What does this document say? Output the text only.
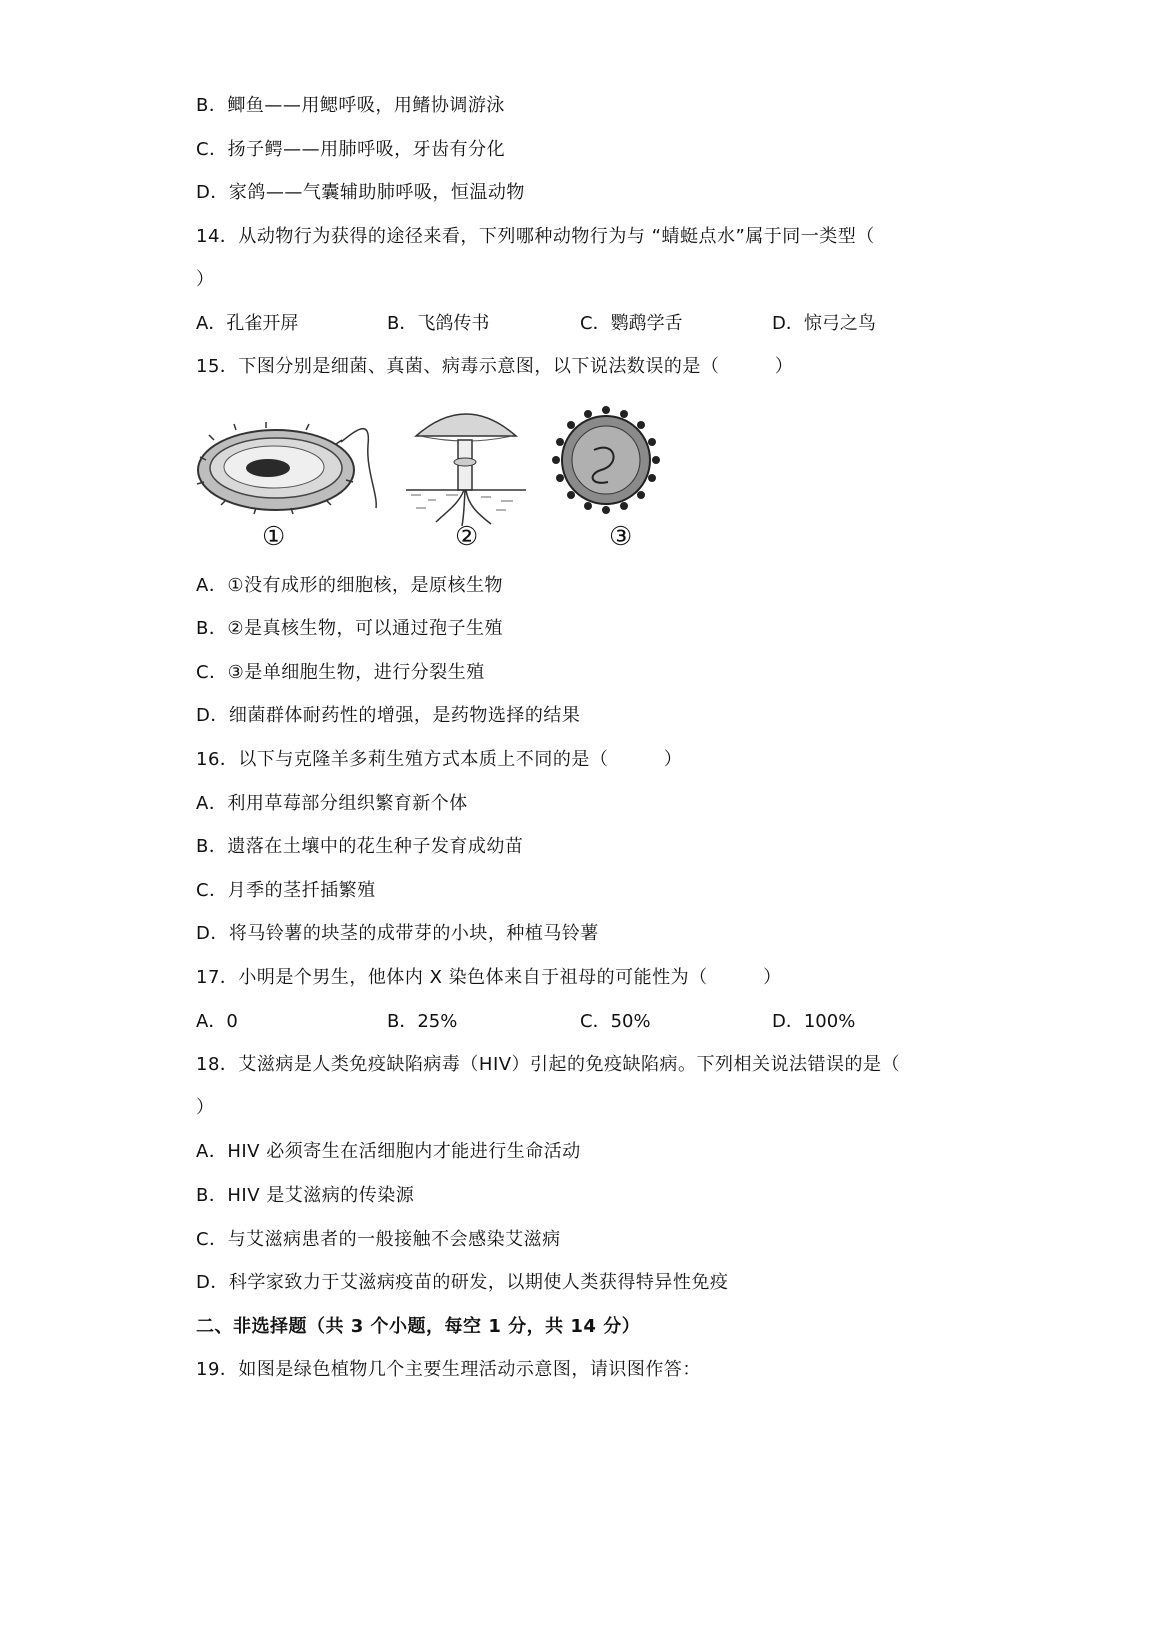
B．鲫鱼——用鳃呼吸，用鳍协调游泳
C．扬子鳄——用肺呼吸，牙齿有分化
D．家鸽——气囊辅助肺呼吸，恒温动物
14．从动物行为获得的途径来看，下列哪种动物行为与 “蜻蜓点水”属于同一类型（
）
A．孔雀开屏	B．飞鸽传书	C．鹦鹉学舌	D．惊弓之鸟
15．下图分别是细菌、真菌、病毒示意图，以下说法数误的是（　　　）
①	②	③
A．①没有成形的细胞核，是原核生物
B．②是真核生物，可以通过孢子生殖
C．③是单细胞生物，进行分裂生殖
D．细菌群体耐药性的增强，是药物选择的结果
16．以下与克隆羊多莉生殖方式本质上不同的是（　　　）
A．利用草莓部分组织繁育新个体
B．遗落在土壤中的花生种子发育成幼苗
C．月季的茎扦插繁殖
D．将马铃薯的块茎的成带芽的小块，种植马铃薯
17．小明是个男生，他体内 X 染色体来自于祖母的可能性为（　　　）
A．0	B．25%	C．50%	D．100%
18．艾滋病是人类免疫缺陷病毒（HIV）引起的免疫缺陷病。下列相关说法错误的是（
）
A．HIV 必须寄生在活细胞内才能进行生命活动
B．HIV 是艾滋病的传染源
C．与艾滋病患者的一般接触不会感染艾滋病
D．科学家致力于艾滋病疫苗的研发，以期使人类获得特异性免疫
二、非选择题（共 3 个小题，每空 1 分，共 14 分）
19．如图是绿色植物几个主要生理活动示意图，请识图作答：
